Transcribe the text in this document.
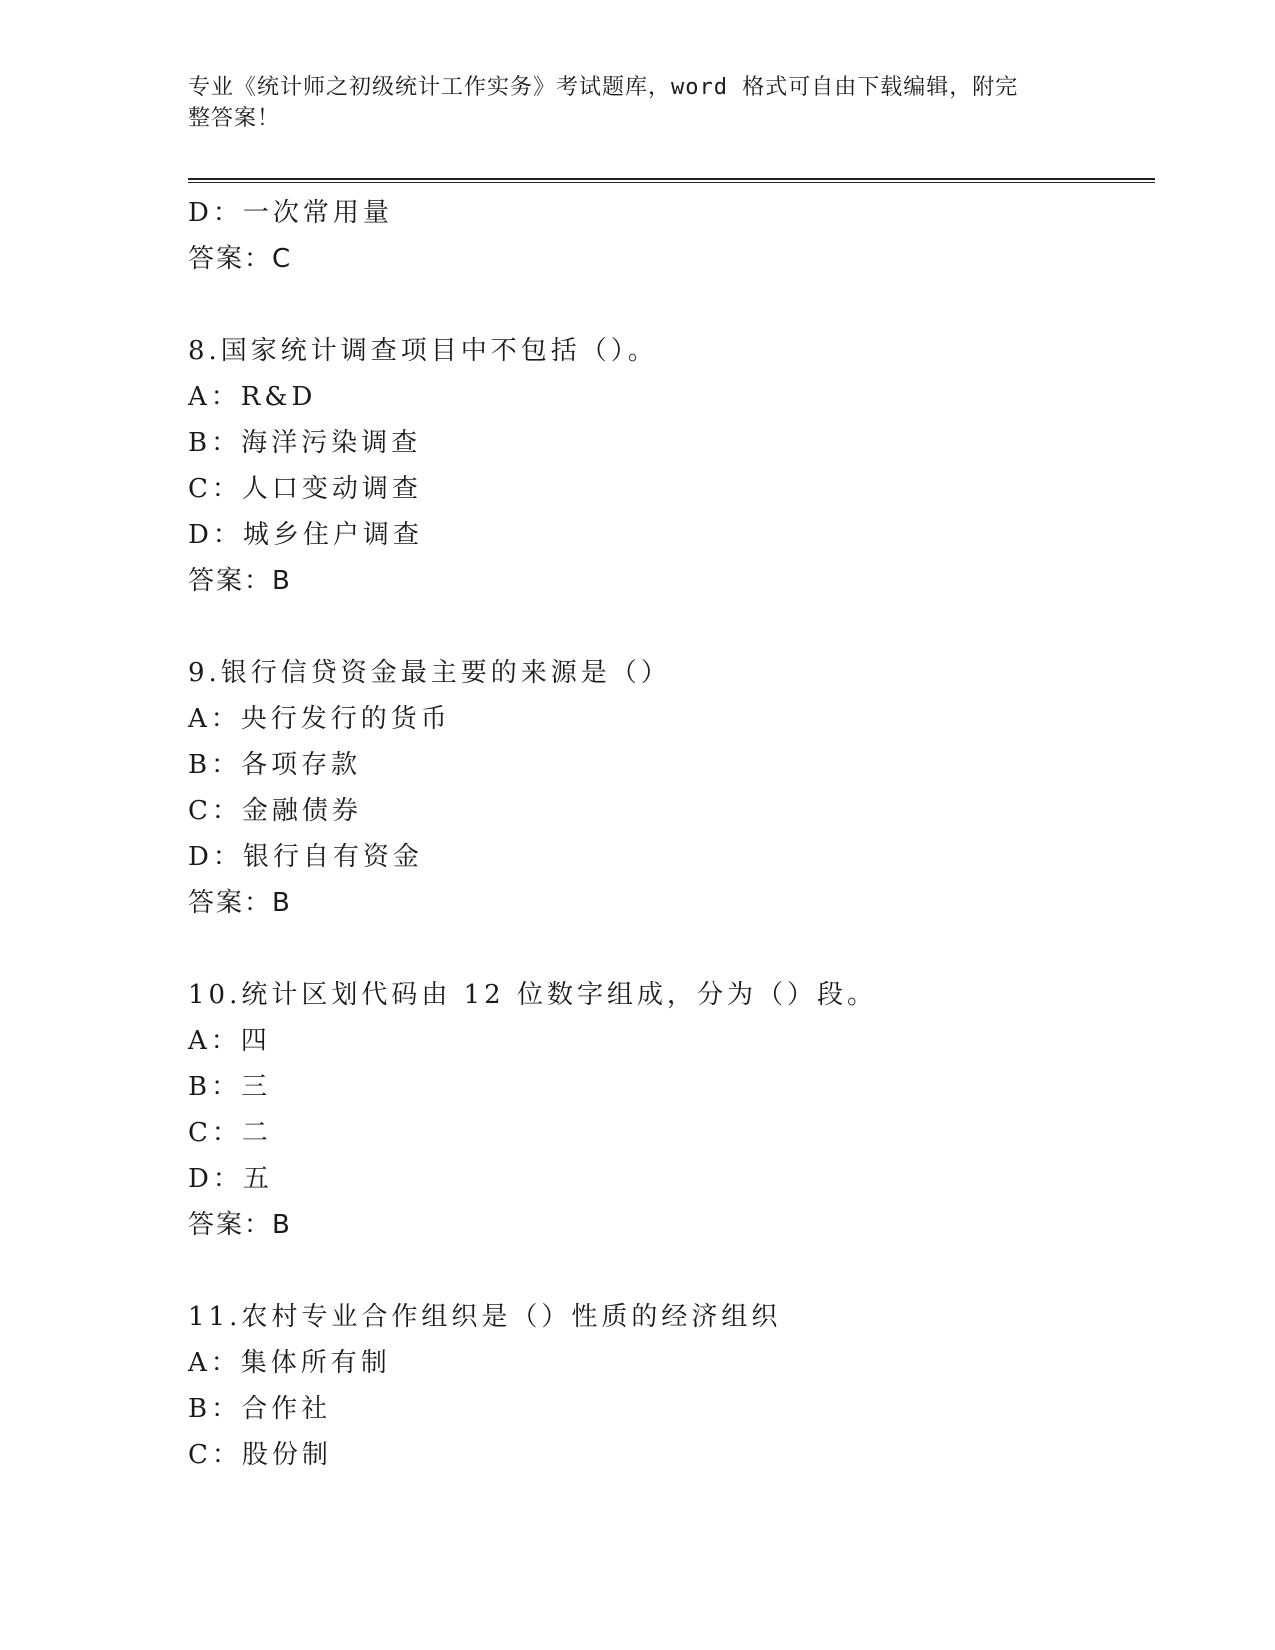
专业《统计师之初级统计工作实务》考试题库，word 格式可自由下载编辑，附完
整答案！
D：一次常用量
答案：C
8.国家统计调查项目中不包括（）。
A：R&D
B：海洋污染调查
C：人口变动调查
D：城乡住户调查
答案：B
9.银行信贷资金最主要的来源是（）
A：央行发行的货币
B：各项存款
C：金融债券
D：银行自有资金
答案：B
10.统计区划代码由 12 位数字组成，分为（）段。
A：四
B：三
C：二
D：五
答案：B
11.农村专业合作组织是（）性质的经济组织
A：集体所有制
B：合作社
C：股份制
